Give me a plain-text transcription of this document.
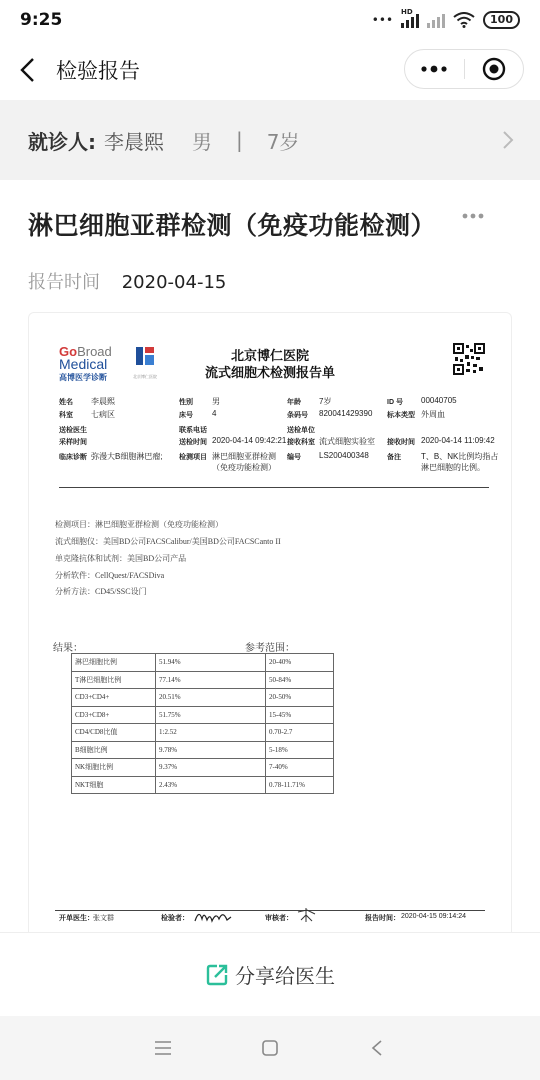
9:25	•••
HD
100
检验报告
就诊人: 李晨熙 男 | 7岁
淋巴细胞亚群检测（免疫功能检测）
报告时间 2020-04-15
GoBroad
Medical
高博医学诊断	北京博仁医院
北京博仁医院
流式细胞术检测报告单
姓名 李晨熙	性别 男	年龄 7岁	ID 号 00040705
科室 七病区	床号 4	条码号 820041429390 标本类型 外周血
送检医生	联系电话	送检单位
采样时间	送检时间 2020-04-14 09:42:21 接收科室 流式细胞实验室 接收时间 2020-04-14 11:09:42
临床诊断 弥漫大B细胞淋巴瘤; 检测项目 淋巴细胞亚群检测
（免疫功能检测）
编号 LS200400348	备注	T、B、NK比例均指占
淋巴细胞的比例。
检测项目：淋巴细胞亚群检测（免疫功能检测）
流式细胞仪：美国BD公司FACSCalibur/美国BD公司FACSCanto II
单克隆抗体和试剂：美国BD公司产品
分析软件：CellQuest/FACSDiva
分析方法：CD45/SSC设门
结果：	参考范围：
淋巴细胞比例	51.94%	20-40%
T淋巴细胞比例	77.14%	50-84%
CD3+CD4+	20.51%	20-50%
CD3+CD8+	51.75%	15-45%
CD4/CD8比值	1:2.52	0.70-2.7
B细胞比例	9.78%	5-18%
NK细胞比例	9.37%	7-40%
NKT细胞	2.43%	0.78-11.71%
开单医生： 张文群	检验者：	审核者：	报告时间： 2020-04-15 09:14:24
分享给医生
